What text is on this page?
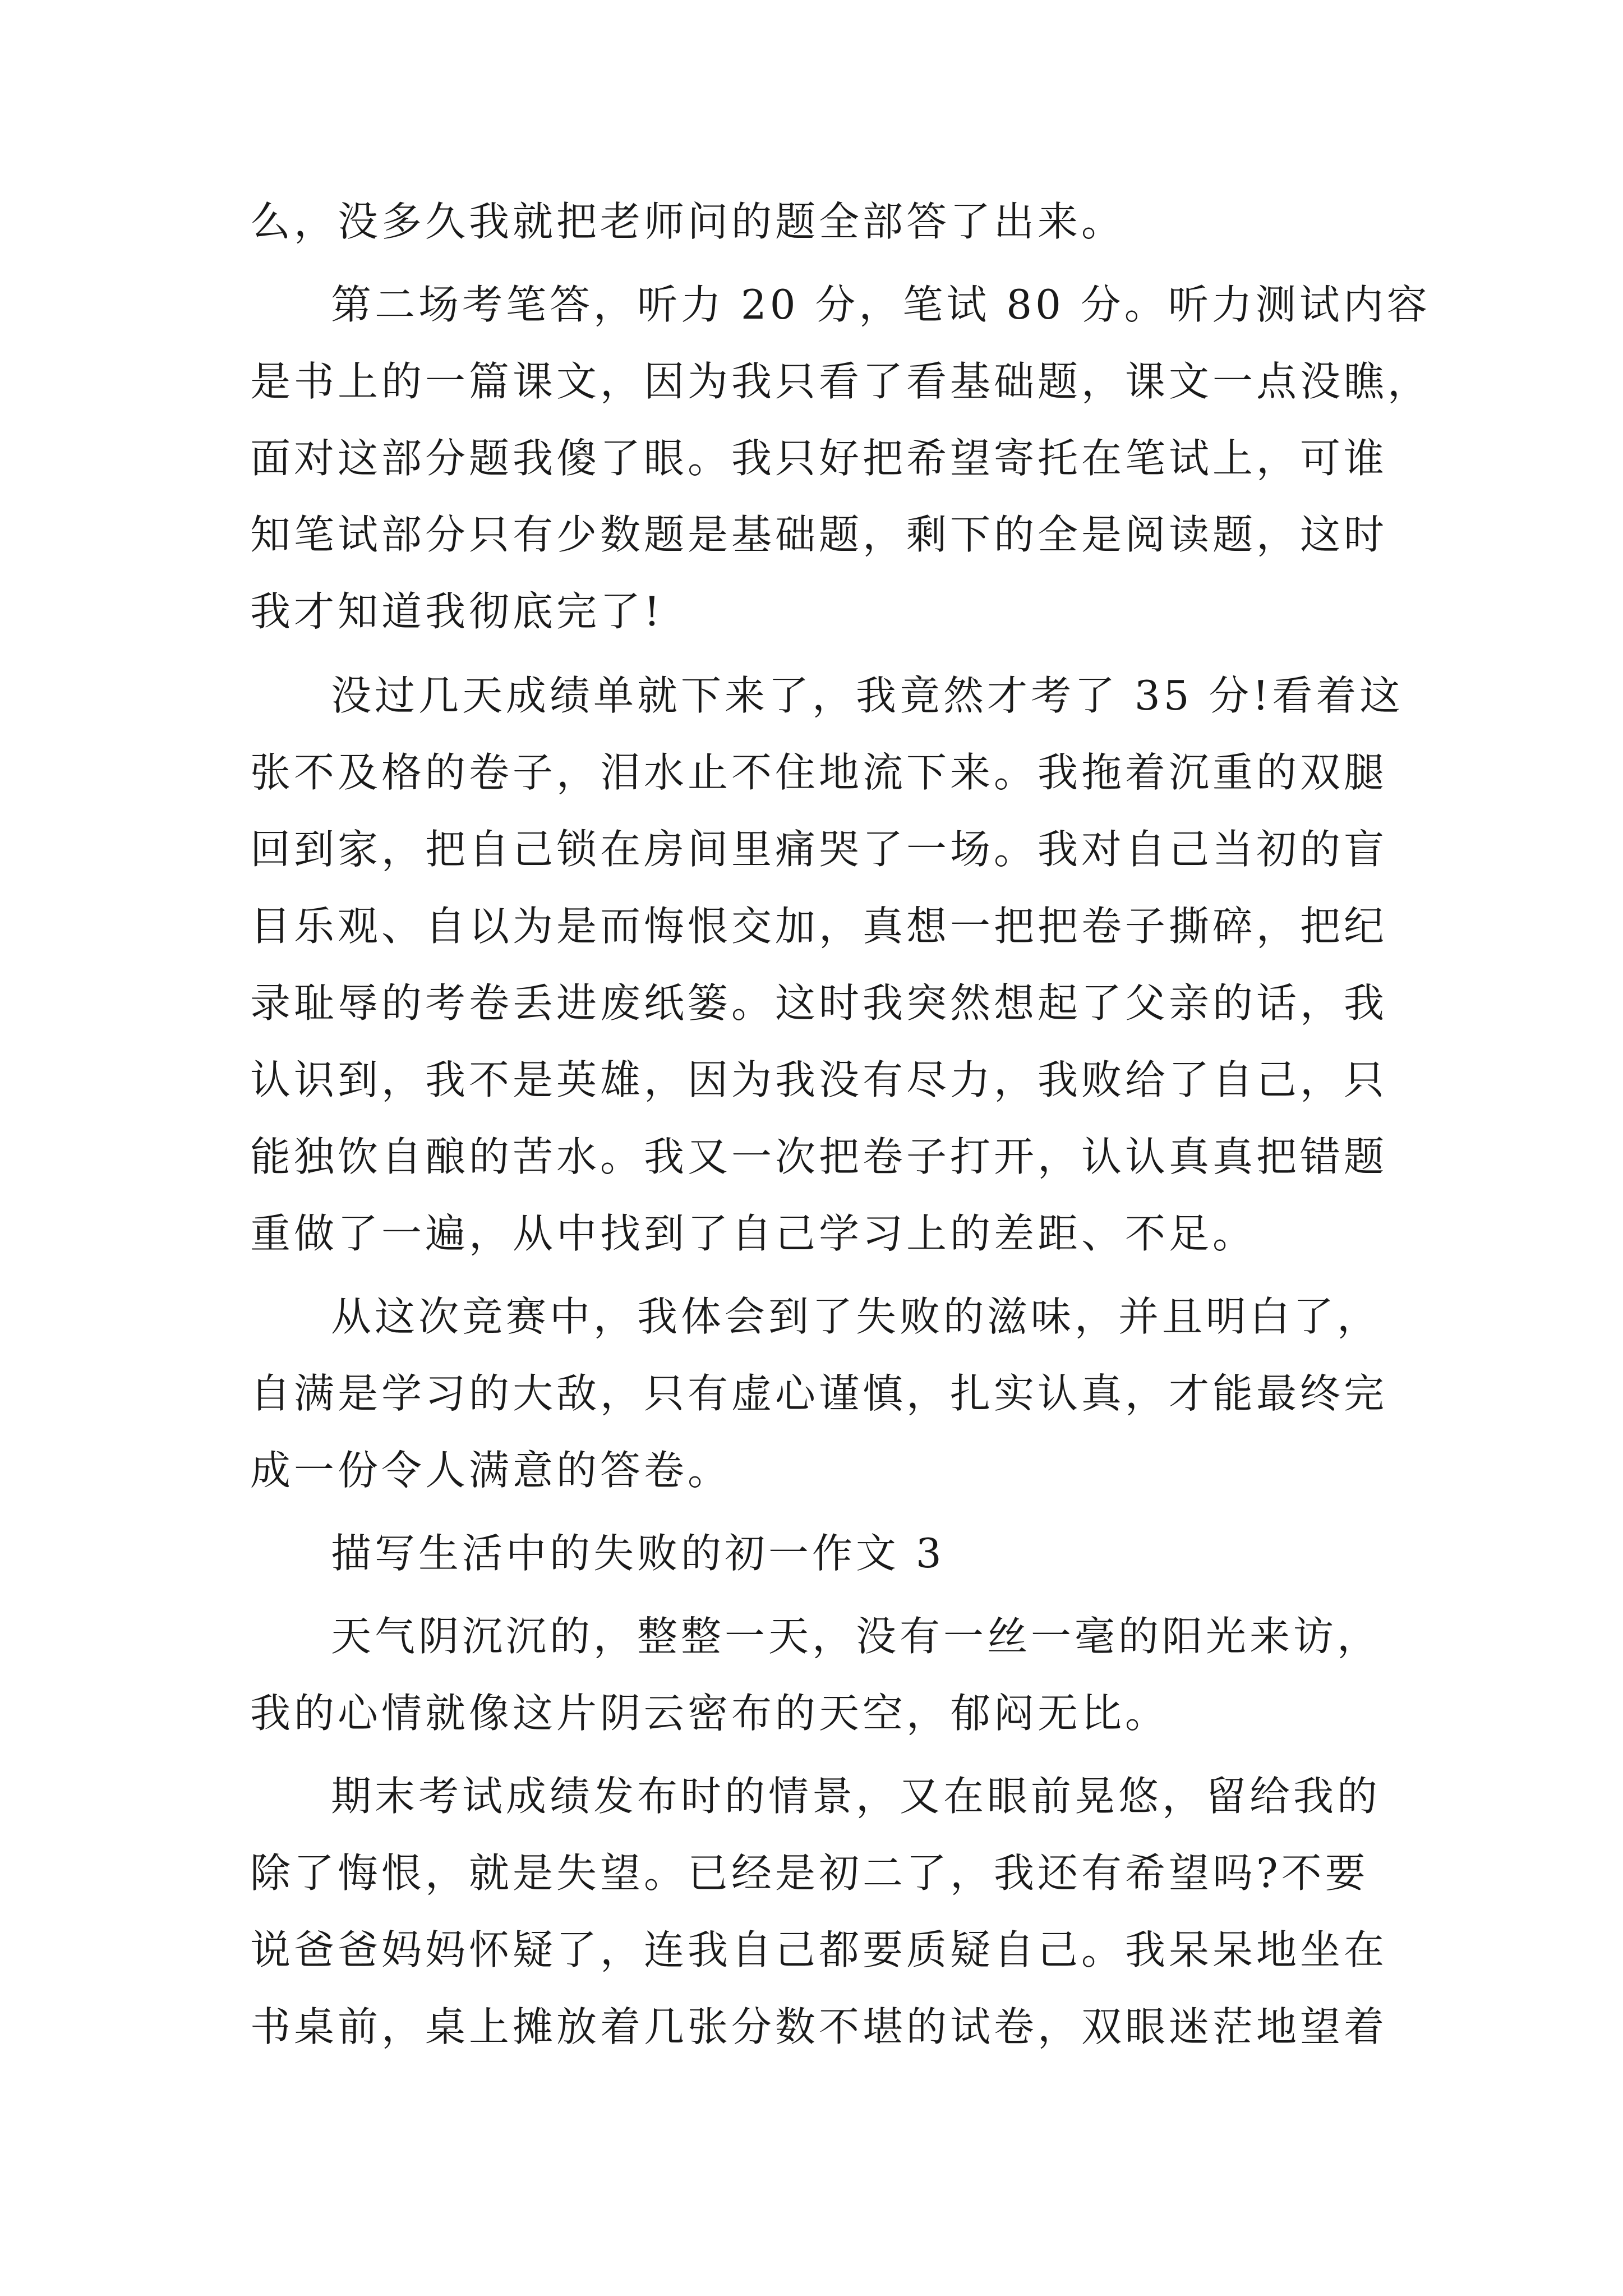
么，没多久我就把老师问的题全部答了出来。

第二场考笔答，听力 20 分，笔试 80 分。听力测试内容

是书上的一篇课文，因为我只看了看基础题，课文一点没瞧，

面对这部分题我傻了眼。我只好把希望寄托在笔试上，可谁

知笔试部分只有少数题是基础题，剩下的全是阅读题，这时

我才知道我彻底完了!

没过几天成绩单就下来了，我竟然才考了 35 分!看着这

张不及格的卷子，泪水止不住地流下来。我拖着沉重的双腿

回到家，把自己锁在房间里痛哭了一场。我对自己当初的盲

目乐观、自以为是而悔恨交加，真想一把把卷子撕碎，把纪

录耻辱的考卷丢进废纸篓。这时我突然想起了父亲的话，我

认识到，我不是英雄，因为我没有尽力，我败给了自己，只

能独饮自酿的苦水。我又一次把卷子打开，认认真真把错题

重做了一遍，从中找到了自己学习上的差距、不足。

从这次竞赛中，我体会到了失败的滋味，并且明白了，

自满是学习的大敌，只有虚心谨慎，扎实认真，才能最终完

成一份令人满意的答卷。

描写生活中的失败的初一作文 3

天气阴沉沉的，整整一天，没有一丝一毫的阳光来访，

我的心情就像这片阴云密布的天空，郁闷无比。

期末考试成绩发布时的情景，又在眼前晃悠，留给我的

除了悔恨，就是失望。已经是初二了，我还有希望吗?不要

说爸爸妈妈怀疑了，连我自己都要质疑自己。我呆呆地坐在

书桌前，桌上摊放着几张分数不堪的试卷，双眼迷茫地望着
